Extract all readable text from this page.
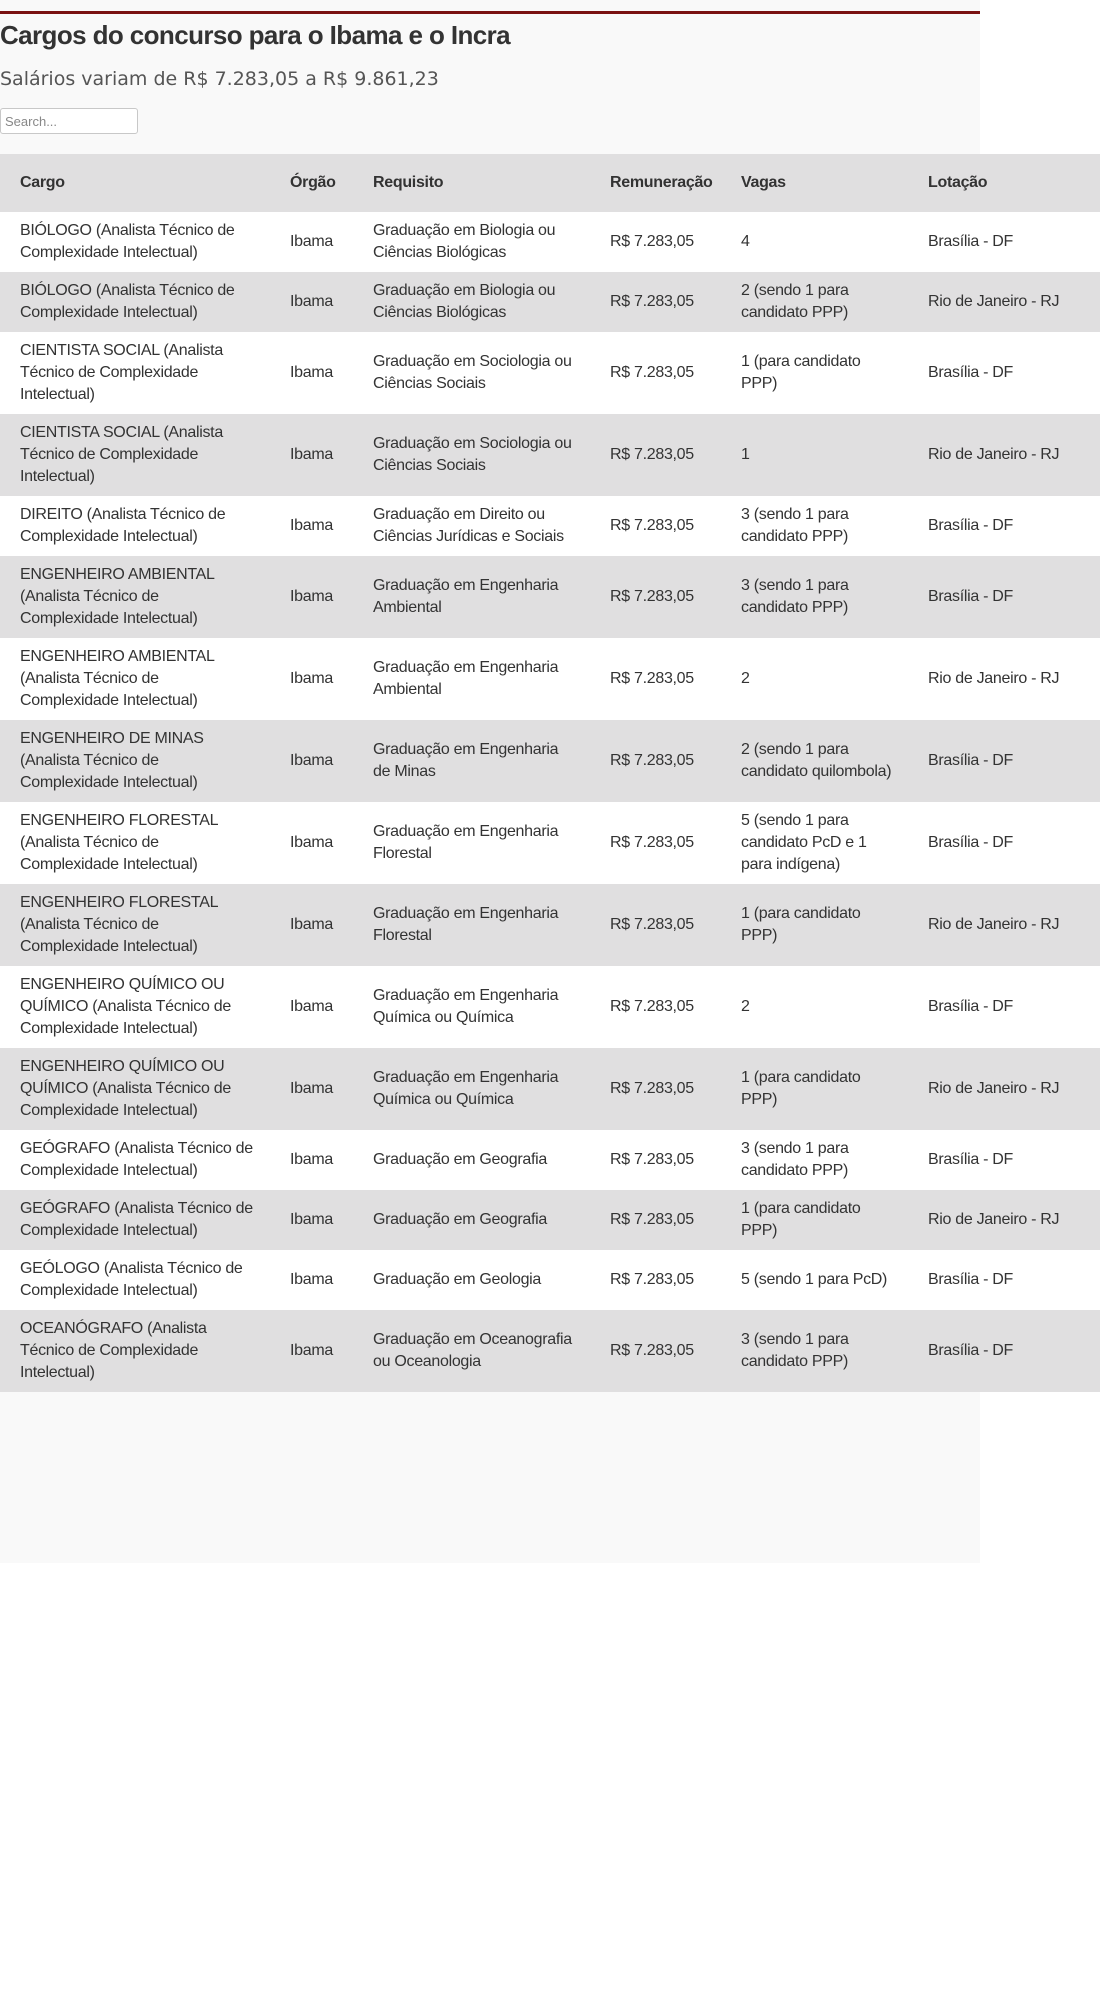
Cargos do concurso para o Ibama e o Incra

Salários variam de R$ 7.283,05 a R$ 9.861,23

Search...
Cargo	Órgão	Requisito	Remuneração	Vagas	Lotação
BIÓLOGO (Analista Técnico de Complexidade Intelectual)	Ibama	Graduação em Biologia ou Ciências Biológicas	R$ 7.283,05	4	Brasília - DF
BIÓLOGO (Analista Técnico de Complexidade Intelectual)	Ibama	Graduação em Biologia ou Ciências Biológicas	R$ 7.283,05	2 (sendo 1 para candidato PPP)	Rio de Janeiro - RJ
CIENTISTA SOCIAL (Analista Técnico de Complexidade Intelectual)	Ibama	Graduação em Sociologia ou Ciências Sociais	R$ 7.283,05	1 (para candidato PPP)	Brasília - DF
CIENTISTA SOCIAL (Analista Técnico de Complexidade Intelectual)	Ibama	Graduação em Sociologia ou Ciências Sociais	R$ 7.283,05	1	Rio de Janeiro - RJ
DIREITO (Analista Técnico de Complexidade Intelectual)	Ibama	Graduação em Direito ou Ciências Jurídicas e Sociais	R$ 7.283,05	3 (sendo 1 para candidato PPP)	Brasília - DF
ENGENHEIRO AMBIENTAL (Analista Técnico de Complexidade Intelectual)	Ibama	Graduação em Engenharia Ambiental	R$ 7.283,05	3 (sendo 1 para candidato PPP)	Brasília - DF
ENGENHEIRO AMBIENTAL (Analista Técnico de Complexidade Intelectual)	Ibama	Graduação em Engenharia Ambiental	R$ 7.283,05	2	Rio de Janeiro - RJ
ENGENHEIRO DE MINAS (Analista Técnico de Complexidade Intelectual)	Ibama	Graduação em Engenharia de Minas	R$ 7.283,05	2 (sendo 1 para candidato quilombola)	Brasília - DF
ENGENHEIRO FLORESTAL (Analista Técnico de Complexidade Intelectual)	Ibama	Graduação em Engenharia Florestal	R$ 7.283,05	5 (sendo 1 para candidato PcD e 1 para indígena)	Brasília - DF
ENGENHEIRO FLORESTAL (Analista Técnico de Complexidade Intelectual)	Ibama	Graduação em Engenharia Florestal	R$ 7.283,05	1 (para candidato PPP)	Rio de Janeiro - RJ
ENGENHEIRO QUÍMICO OU QUÍMICO (Analista Técnico de Complexidade Intelectual)	Ibama	Graduação em Engenharia Química ou Química	R$ 7.283,05	2	Brasília - DF
ENGENHEIRO QUÍMICO OU QUÍMICO (Analista Técnico de Complexidade Intelectual)	Ibama	Graduação em Engenharia Química ou Química	R$ 7.283,05	1 (para candidato PPP)	Rio de Janeiro - RJ
GEÓGRAFO (Analista Técnico de Complexidade Intelectual)	Ibama	Graduação em Geografia	R$ 7.283,05	3 (sendo 1 para candidato PPP)	Brasília - DF
GEÓGRAFO (Analista Técnico de Complexidade Intelectual)	Ibama	Graduação em Geografia	R$ 7.283,05	1 (para candidato PPP)	Rio de Janeiro - RJ
GEÓLOGO (Analista Técnico de Complexidade Intelectual)	Ibama	Graduação em Geologia	R$ 7.283,05	5 (sendo 1 para PcD)	Brasília - DF
OCEANÓGRAFO (Analista Técnico de Complexidade Intelectual)	Ibama	Graduação em Oceanografia ou Oceanologia	R$ 7.283,05	3 (sendo 1 para candidato PPP)	Brasília - DF
